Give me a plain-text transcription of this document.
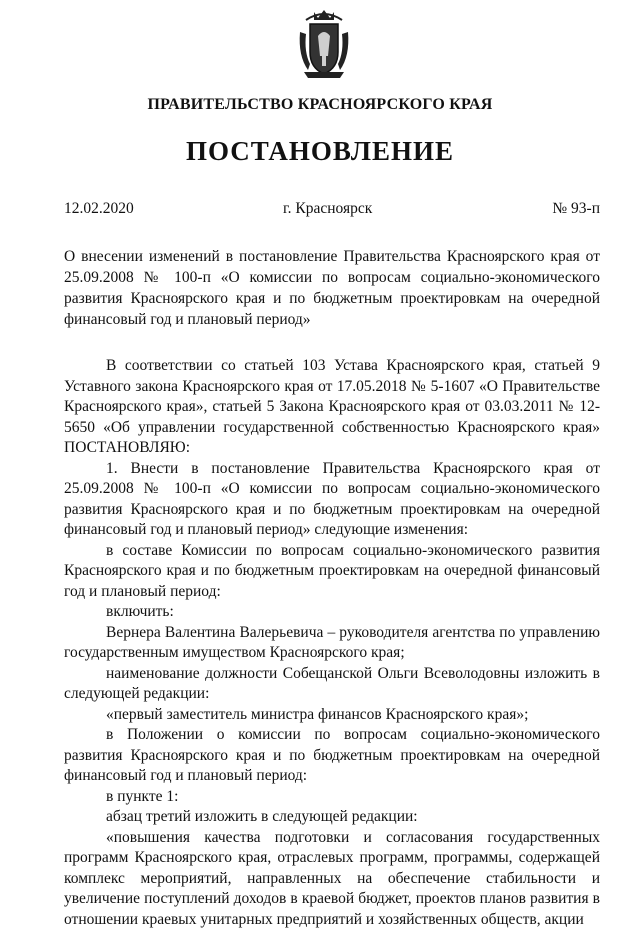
ПРАВИТЕЛЬСТВО КРАСНОЯРСКОГО КРАЯ
ПОСТАНОВЛЕНИЕ
12.02.2020	г. Красноярск	№ 93-п
О внесении изменений в постановление Правительства Красноярского края от 25.09.2008 № 100-п «О комиссии по вопросам социально-экономического развития Красноярского края и по бюджетным проектировкам на очередной финансовый год и плановый период»

В соответствии со статьей 103 Устава Красноярского края, статьей 9 Уставного закона Красноярского края от 17.05.2018 № 5-1607 «О Правительстве Красноярского края», статьей 5 Закона Красноярского края от 03.03.2011 № 12-5650 «Об управлении государственной собственностью Красноярского края» ПОСТАНОВЛЯЮ:

1. Внести в постановление Правительства Красноярского края от 25.09.2008 № 100-п «О комиссии по вопросам социально-экономического развития Красноярского края и по бюджетным проектировкам на очередной финансовый год и плановый период» следующие изменения:

в составе Комиссии по вопросам социально-экономического развития Красноярского края и по бюджетным проектировкам на очередной финансовый год и плановый период:

включить:

Вернера Валентина Валерьевича – руководителя агентства по управлению государственным имуществом Красноярского края;

наименование должности Собещанской Ольги Всеволодовны изложить в следующей редакции:

«первый заместитель министра финансов Красноярского края»;

в Положении о комиссии по вопросам социально-экономического развития Красноярского края и по бюджетным проектировкам на очередной финансовый год и плановый период:

в пункте 1:

абзац третий изложить в следующей редакции:

«повышения качества подготовки и согласования государственных программ Красноярского края, отраслевых программ, программы, содержащей комплекс мероприятий, направленных на обеспечение стабильности и увеличение поступлений доходов в краевой бюджет, проектов планов развития в отношении краевых унитарных предприятий и хозяйственных обществ, акции
